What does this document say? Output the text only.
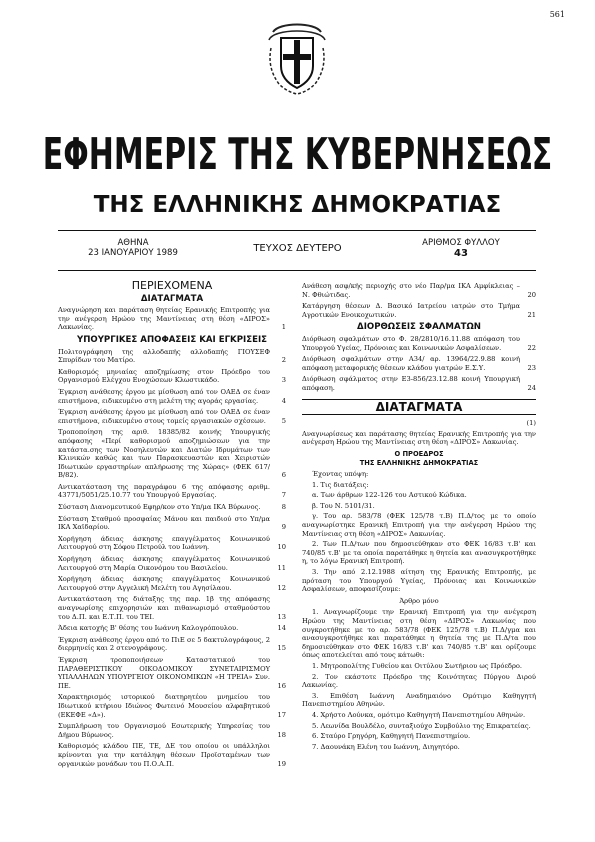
561
ΕΦΗΜΕΡΙΣ ΤΗΣ ΚΥΒΕΡΝΗΣΕΩΣ
ΤΗΣ ΕΛΛΗΝΙΚΗΣ ΔΗΜΟΚΡΑΤΙΑΣ
ΑΘΗΝΑ
23 ΙΑΝΟΥΑΡΙΟΥ 1989	ΤΕΥΧΟΣ ΔΕΥΤΕΡΟ	ΑΡΙΘΜΟΣ ΦΥΛΛΟΥ
43
ΠΕΡΙΕΧΟΜΕΝΑ
ΔΙΑΤΑΓΜΑΤΑ
Αναγνώρηση και παράταση θητείας Ερανικής Επιτροπής για την ανέγερση Ηρώου της Μαντίνειας στη θέση «ΔΙΡΟΣ» Λακωνίας.	1
ΥΠΟΥΡΓΙΚΕΣ ΑΠΟΦΑΣΕΙΣ ΚΑΙ ΕΓΚΡΙΣΕΙΣ
Πολιτογράφηση της αλλοδαπής αλλοδαπής ΓΙΟΥΣΕΦ Σπυρίδων του Ματίρο.	2
Καθορισμός μηνιαίας αποζημίωσης στον Πρόεδρο του Οργανισμού Ελέγχου Ενοχώσεων Κλωστικάδο.	3
Έγκριση ανάθεσης έργου με μίσθωση από τον ΟΑΕΔ σε έναν επιστήμονα, ειδικευμένο στη μελέτη της αγοράς εργασίας.	4
Έγκριση ανάθεσης έργου με μίσθωση από τον ΟΑΕΔ σε έναν επιστήμονα, ειδικευμένο στους τομείς εργασιακών σχέσεων.	5
Τροποποίηση της αριθ. 18385/82 κοινής Υπουργικής απόφασης «Περί καθορισμού αποζημιώσεων για την κατάστα.σης των Νοσηλευτών και Διατών Ιδρυμάτων των Κλινικών καθώς και των Παρασκευαστών και Χειριστών Ιδιωτικών εργαστηρίων απλήρωσης της Χώρας» (ΦΕΚ 617/Β/82).	6
Αντικατάσταση της παραγράφου 6 της απόφασης αριθμ. 43771/5051/25.10.77 του Υπουργού Εργασίας.	7
Σύσταση Διανομευτικού Εφηρ/κον στο Υπ/μα ΙΚΑ Βύρωνος.	8
Σύσταση Σταθμού προσφαίας Μάνου και παιδιού στο Υπ/μα ΙΚΑ Χαϊδαρίου.	9
Χορήγηση άδειας άσκησης επαγγέλματος Κοινωνικού Λειτουργού στη Σόφου Πετρούλ του Ιωάννη.	10
Χορήγηση άδειας άσκησης επαγγέλματος Κοινωνικού Λειτουργού στη Μαρία Οικονόμου του Βασιλείου.	11
Χορήγηση άδειας άσκησης επαγγέλματος Κοινωνικού Λειτουργού στην Αγγελική Μελέτη του Αγησίλαου.	12
Αντικατάσταση της διάταξης της παρ. 1β της απόφασης αναγνωρίσης επιχορησιών και πιθανωρισμό σταθμούστου του Δ.Π. και Ε.Τ.Π. του ΤΕΙ.	13
Άδεια κατοχής Β' θέσης του Ιωάννη Καλογρόπουλου.	14
Έγκριση ανάθεσης έργου από το ΠιΕ σε 5 δακτυλογράφους, 2 διερμηνείς και 2 στενογράφους.	15
Έγκριση τροποποιήσεων Καταστατικού του ΠΑΡΑΘΕΡΙΣΤΙΚΟΥ ΟΙΚΟΔΟΜΙΚΟΥ ΣΥΝΕΤΑΙΡΙΣΜΟΥ ΥΠΑΛΛΗΛΩΝ ΥΠΟΥΡΓΕΙΟΥ ΟΙΚΟΝΟΜΙΚΩΝ «Η ΤΡΕΙΑ» Συν. ΠΕ.	16
Χαρακτηρισμός ιστορικού διατηρητέου μνημείου του Ιδιωτικού κτήριου Ιδιώνος Φωτεινό Μουσείου αλφαβητικού (ΕΚΕΦΕ «Δ»).	17
Συμπλήρωση του Οργανισμού Εσωτερικής Υπηρεσίας του Δήμου Βύρωνος.	18
Καθορισμός κλάδου ΠΕ, ΤΕ, ΔΕ του οποίου οι υπάλληλοι κρίνονται για την κατάληψη θέσεων Προϊσταμένων των οργανικών μονάδων του Π.Ο.Α.Π.	19
Ανάθεση ασφ/κής περιοχής στο νέο Παρ/μα ΙΚΑ Αμφίκλειας – Ν. Φθιώτιδας.	20
Κατάργηση θέσεων Δ. Βασικό Ιατρείου ιατρών στο Τμήμα Αγροτικών Ενοικοχωτικών.	21
ΔΙΟΡΘΩΣΕΙΣ ΣΦΑΛΜΑΤΩΝ
Διόρθωση σφαλμάτων στο Φ. 28/2810/16.11.88 απόφαση του Υπουργού Υγείας, Πρόνοιας και Κοινωνικών Ασφαλίσεων.	22
Διόρθωση σφαλμάτων στην Α34/ αρ. 13964/22.9.88 κοινή απόφαση μεταφορικής θέσεων κλάδου γιατρών Ε.Σ.Υ.	23
Διόρθωση σφάλματος στην Ε3-856/23.12.88 κοινή Υπουργική απόφαση.	24
ΔΙΑΤΑΓΜΑΤΑ
(1)
Αναγνωρίσεως και παράτασης θητείας Ερανικής Επιτροπής για την ανέγερση Ηρώου της Μαντίνειας στη θέση «ΔΙΡΟΣ» Λακωνίας.
Ο ΠΡΟΕΔΡΟΣ
ΤΗΣ ΕΛΛΗΝΙΚΗΣ ΔΗΜΟΚΡΑΤΙΑΣ
Έχοντας υπόψη:
1. Τις διατάξεις:
α. Των άρθρων 122-126 του Αστικού Κώδικα.
β. Του Ν. 5101/31.
γ. Του αρ. 583/78 (ΦΕΚ 125/78 τ.Β) Π.Δ/τος με το οποίο αναγνωρίστηκε Ερανική Επιτροπή για την ανέγερση Ηρώου της Μαντίνειας στη θέση «ΔΙΡΟΣ» Λακωνίας.
2. Των Π.Δ/των που δημοσιεύθηκαν στο ΦΕΚ 16/83 τ.Β' και 740/85 τ.Β' με τα οποία παρατάθηκε η θητεία και ανασυγκροτήθηκε η, το λόγω Ερανική Επιτροπή.
3. Την από 2.12.1988 αίτηση της Ερανικής Επιτροπής, με πρόταση του Υπουργού Υγείας, Πρόνοιας και Κοινωνικών Ασφαλίσεων, αποφασίζουμε:
Άρθρο μόνο
1. Αναγνωρίζουμε την Ερανική Επιτροπή για την ανέγερση Ηρώου της Μαντίνειας στη θέση «ΔΙΡΟΣ» Λακωνίας που συγκροτήθηκε με το αρ. 583/78 (ΦΕΚ 125/78 τ.Β) Π.Δ/γμα και ανασυγκροτήθηκε και παρατάθηκε η θητεία της με Π.Δ/τα που δημοσιεύθηκαν στο ΦΕΚ 16/83 τ.Β' και 740/85 τ.Β' και ορίζουμε όπως αποτελείται από τους κάτωθι:
1. Μητροπολίτης Γυθείου και Οιτύλου Σωτήριου ως Πρόεδρο.
2. Τον εκάστοτε Πρόεδρο της Κοινότητας Πύργου Διρού Λακωνίας.
3. Επιθέση Ιωάννη Αναδημαιόνο Ομότιμο Καθηγητή Πανεπιστημίου Αθηνών.
4. Χρήστο Λούνκα, ομότιμο Καθηγητή Πανεπιστημίου Αθηνών.
5. Λεωνίδα Βουλδέλο, συνταξιούχο Συμβούλιο της Επικρατείας.
6. Σταύρο Γρηγόρη, Καθηγητή Πανεπιστημίου.
7. Δαουνάκη Ελένη του Ιωάννη, Διηγητόρο.
